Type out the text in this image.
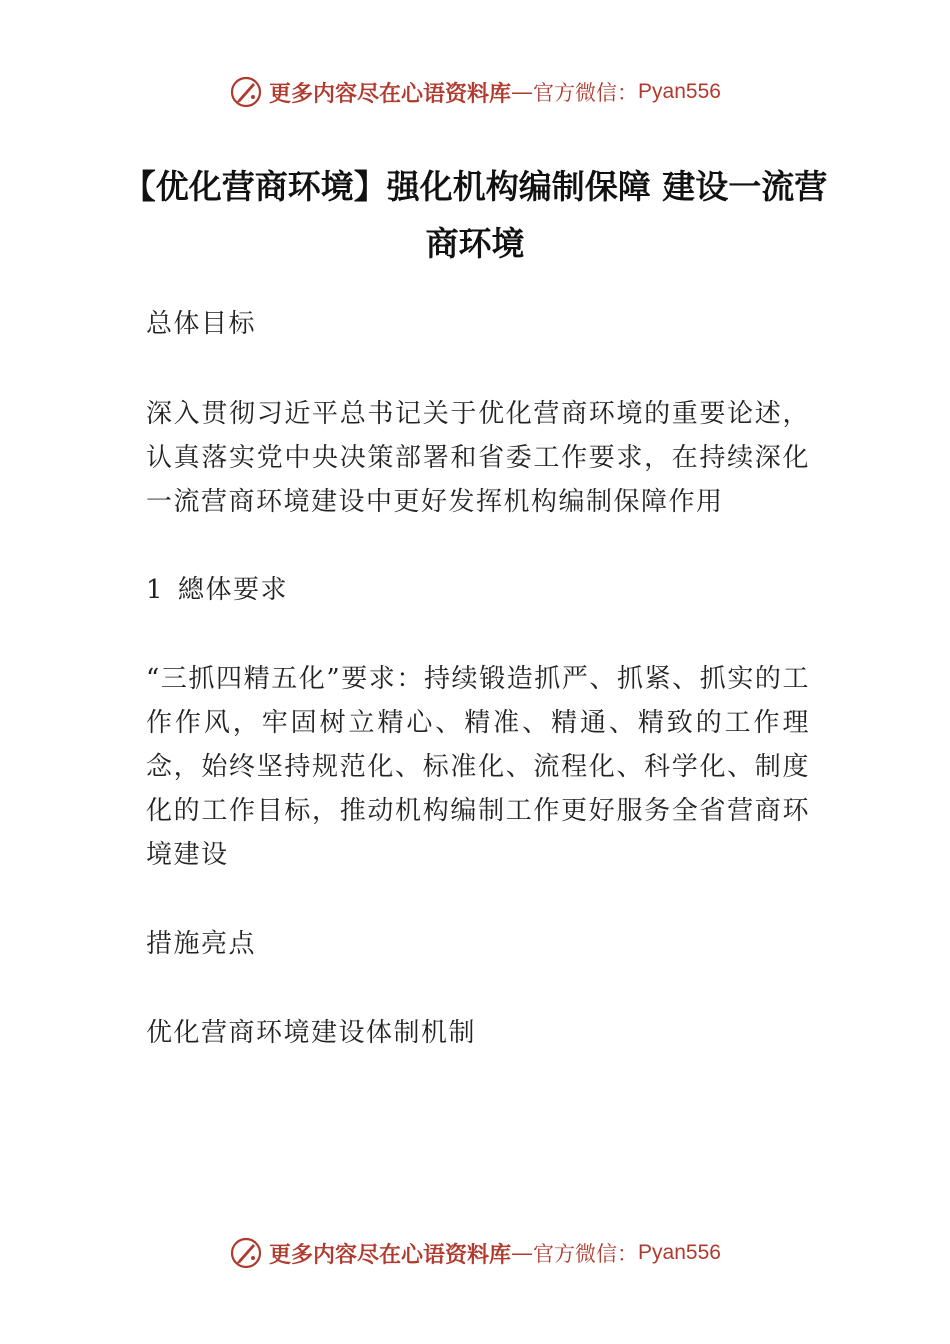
更多内容尽在心语资料库 — 官方微信： Pyan556
【优化营商环境】强化机构编制保障 建设一流营商环境
总体目标
深入贯彻习近平总书记关于优化营商环境的重要论述，认真落实党中央决策部署和省委工作要求，在持续深化一流营商环境建设中更好发挥机构编制保障作用
1 總体要求
“三抓四精五化”要求：持续锻造抓严、抓紧、抓实的工作作风，牢固树立精心、精准、精通、精致的工作理念，始终坚持规范化、标准化、流程化、科学化、制度化的工作目标，推动机构编制工作更好服务全省营商环境建设
措施亮点
优化营商环境建设体制机制
更多内容尽在心语资料库 — 官方微信： Pyan556
